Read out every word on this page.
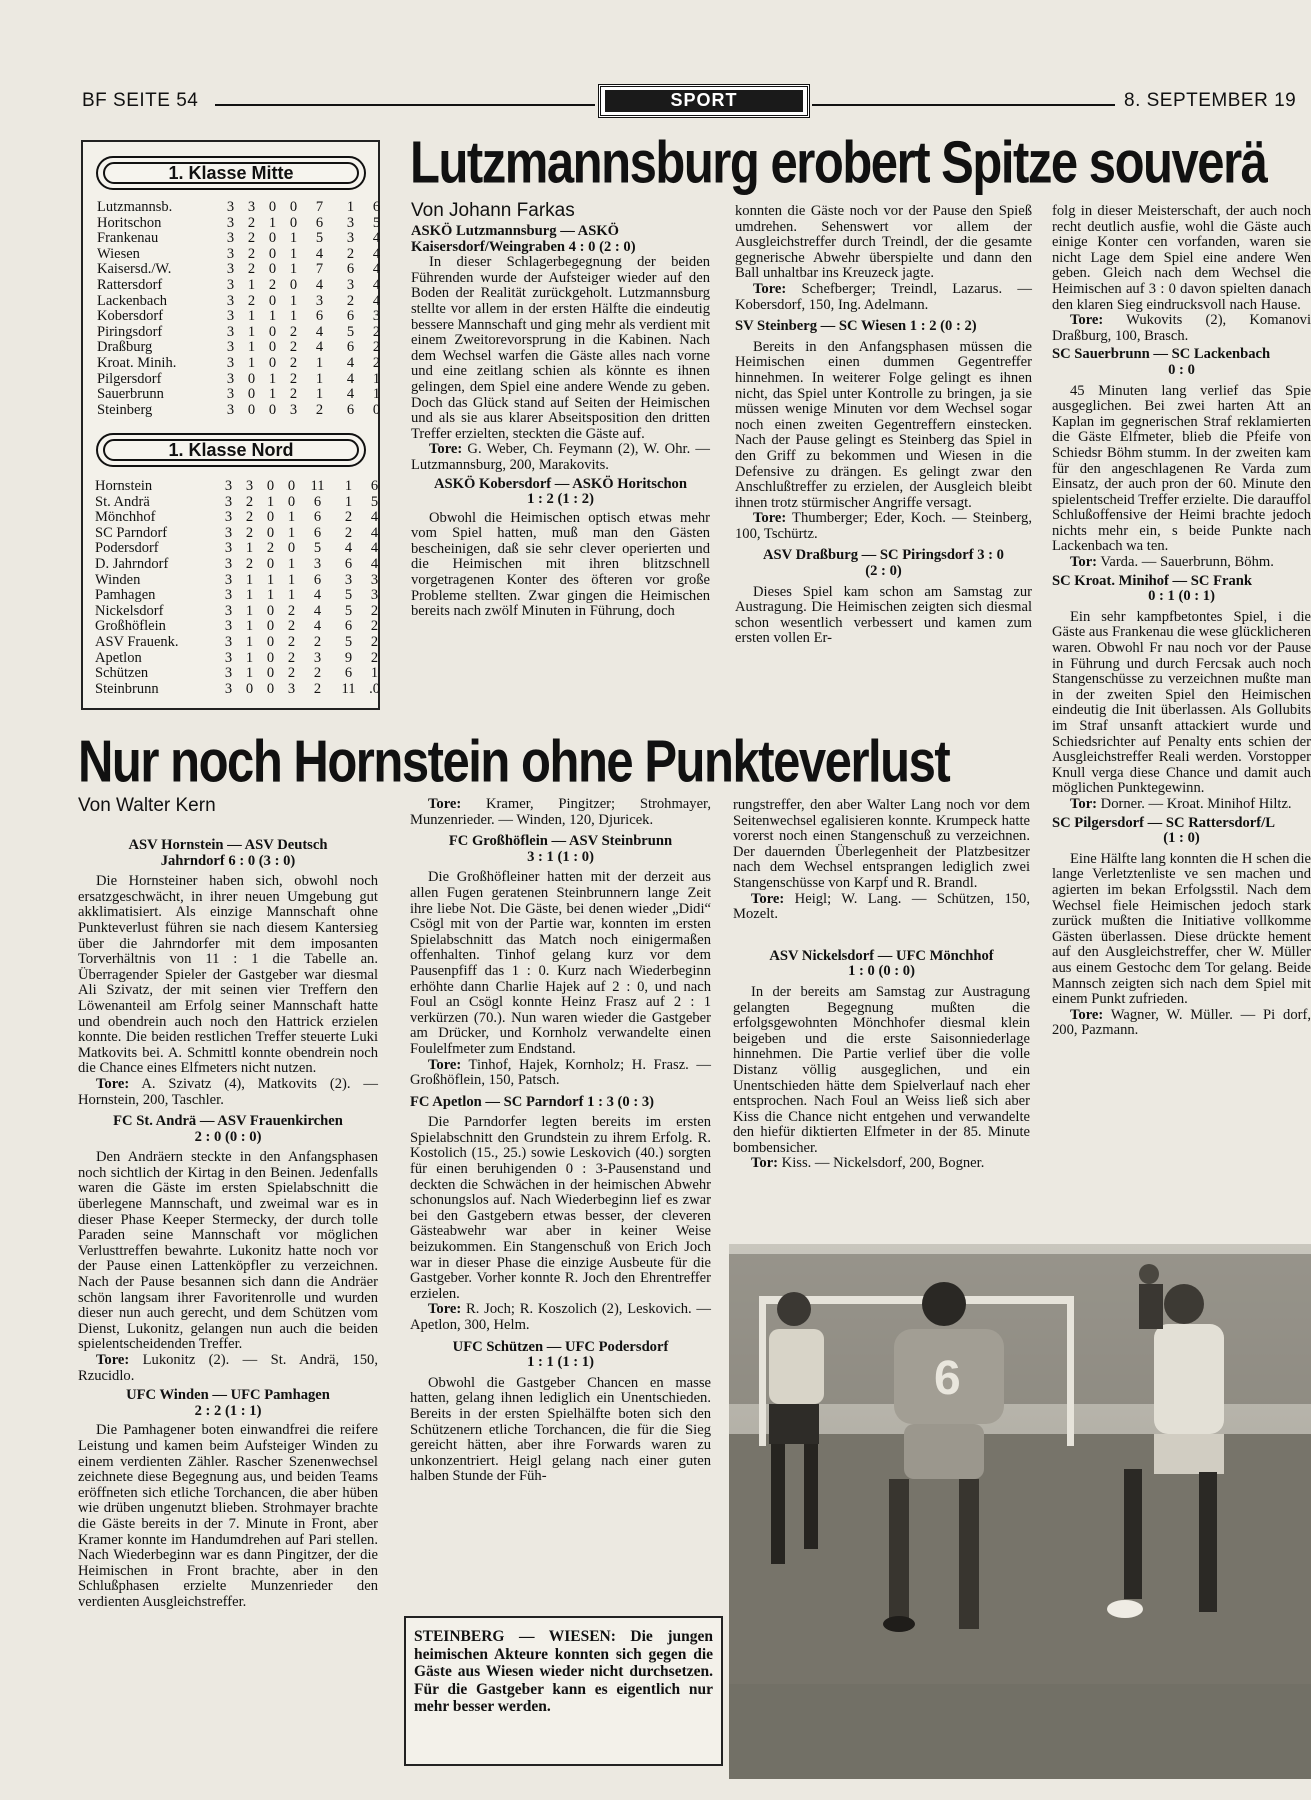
BF SEITE 54	SPORT	8. SEPTEMBER 19
1. Klasse Mitte
Lutzmannsb.	3 3 0 0	7	1	6
Horitschon	3 2 1 0	6	3	5
Frankenau	3 2 0 1	5	3	4
Wiesen	3 2 0 1	4	2	4
Kaisersd./W.	3 2 0 1	7	6	4
Rattersdorf	3 1 2 0	4	3	4
Lackenbach	3 2 0 1	3	2	4
Kobersdorf	3 1 1 1	6	6	3
Piringsdorf	3 1 0 2	4	5	2
Draßburg	3 1 0 2	4	6	2
Kroat. Minih.	3 1 0 2	1	4	2
Pilgersdorf	3 0 1 2	1	4	1
Sauerbrunn	3 0 1 2	1	4	1
Steinberg	3 0 0 3	2	6	0
1. Klasse Nord
Hornstein	3 3 0 0	11	1	6
St. Andrä	3 2 1 0	6	1	5
Mönchhof	3 2 0 1	6	2	4
SC Parndorf	3 2 0 1	6	2	4
Podersdorf	3 1 2 0	5	4	4
D. Jahrndorf	3 2 0 1	3	6	4
Winden	3 1 1 1	6	3	3
Pamhagen	3 1 1 1	4	5	3
Nickelsdorf	3 1 0 2	4	5	2
Großhöflein	3 1 0 2	4	6	2
ASV Frauenk.	3 1 0 2	2	5	2
Apetlon	3 1 0 2	3	9	2
Schützen	3 1 0 2	2	6	1
Steinbrunn	3 0 0 3	2	11 .0
Lutzmannsburg erobert Spitze souverä
Von Johann Farkas

ASKÖ Lutzmannsburg — ASKÖ Kaisersdorf/Weingraben 4 : 0 (2 : 0)

In dieser Schlagerbegegnung der beiden Führenden wurde der Aufsteiger wieder auf den Boden der Realität zurückgeholt. Lutzmannsburg stellte vor allem in der ersten Hälfte die eindeutig bessere Mannschaft und ging mehr als verdient mit einem Zweitorevorsprung in die Kabinen. Nach dem Wechsel warfen die Gäste alles nach vorne und eine zeitlang schien als könnte es ihnen gelingen, dem Spiel eine andere Wende zu geben. Doch das Glück stand auf Seiten der Heimischen und als sie aus klarer Abseitsposition den dritten Treffer erzielten, steckten die Gäste auf.

Tore: G. Weber, Ch. Feymann (2), W. Ohr. — Lutzmannsburg, 200, Marakovits.

ASKÖ Kobersdorf — ASKÖ Horitschon

1 : 2 (1 : 2)

Obwohl die Heimischen optisch etwas mehr vom Spiel hatten, muß man den Gästen bescheinigen, daß sie sehr clever operierten und die Heimischen mit ihren blitzschnell vorgetragenen Konter des öfteren vor große Probleme stellten. Zwar gingen die Heimischen bereits nach zwölf Minuten in Führung, doch

konnten die Gäste noch vor der Pause den Spieß umdrehen. Sehenswert vor allem der Ausgleichstreffer durch Treindl, der die gesamte gegnerische Abwehr überspielte und dann den Ball unhaltbar ins Kreuzeck jagte.

Tore: Schefberger; Treindl, Lazarus. — Kobersdorf, 150, Ing. Adelmann.

SV Steinberg — SC Wiesen 1 : 2 (0 : 2)

Bereits in den Anfangsphasen müssen die Heimischen einen dummen Gegentreffer hinnehmen. In weiterer Folge gelingt es ihnen nicht, das Spiel unter Kontrolle zu bringen, ja sie müssen wenige Minuten vor dem Wechsel sogar noch einen zweiten Gegentreffern einstecken. Nach der Pause gelingt es Steinberg das Spiel in den Griff zu bekommen und Wiesen in die Defensive zu drängen. Es gelingt zwar den Anschlußtreffer zu erzielen, der Ausgleich bleibt ihnen trotz stürmischer Angriffe versagt.

Tore: Thumberger; Eder, Koch. — Steinberg, 100, Tschürtz.

ASV Draßburg — SC Piringsdorf 3 : 0

(2 : 0)

Dieses Spiel kam schon am Samstag zur Austragung. Die Heimischen zeigten sich diesmal schon wesentlich verbessert und kamen zum ersten vollen Er-

folg in dieser Meisterschaft, der auch noch recht deutlich ausfie, wohl die Gäste auch einige Konter cen vorfanden, waren sie nicht Lage dem Spiel eine andere Wen geben. Gleich nach dem Wechsel die Heimischen auf 3 : 0 davon spielten danach den klaren Sieg eindrucksvoll nach Hause.

Tore: Wukovits (2), Komanovi Draßburg, 100, Brasch.

SC Sauerbrunn — SC Lackenbach

0 : 0

45 Minuten lang verlief das Spie ausgeglichen. Bei zwei harten Att an Kaplan im gegnerischen Straf reklamierten die Gäste Elfmeter, blieb die Pfeife von Schiedsr Böhm stumm. In der zweiten kam für den angeschlagenen Re Varda zum Einsatz, der auch pron der 60. Minute den spielentscheid Treffer erzielte. Die darauffol Schlußoffensive der Heimi brachte jedoch nichts mehr ein, s beide Punkte nach Lackenbach wa ten.

Tor: Varda. — Sauerbrunn, Böhm.

SC Kroat. Minihof — SC Frank

0 : 1 (0 : 1)

Ein sehr kampfbetontes Spiel, i die Gäste aus Frankenau die wese glücklicheren waren. Obwohl Fr nau noch vor der Pause in Führung und durch Fercsak auch noch Stangenschüsse zu verzeichnen mußte man in der zweiten Spiel den Heimischen eindeutig die Init überlassen. Als Gollubits im Straf unsanft attackiert wurde und Schiedsrichter auf Penalty ents schien der Ausgleichstreffer Reali werden. Vorstopper Knull verga diese Chance und damit auch möglichen Punktegewinn.

Tor: Dorner. — Kroat. Minihof Hiltz.

SC Pilgersdorf — SC Rattersdorf/L

(1 : 0)

Eine Hälfte lang konnten die H schen die lange Verletztenliste ve sen machen und agierten im bekan Erfolgsstil. Nach dem Wechsel fiele Heimischen jedoch stark zurück mußten die Initiative vollkomme Gästen überlassen. Diese drückte hement auf den Ausgleichstreffer, cher W. Müller aus einem Gestochc dem Tor gelang. Beide Mannsch zeigten sich nach dem Spiel mit einem Punkt zufrieden.

Tore: Wagner, W. Müller. — Pi dorf, 200, Pazmann.

Nur noch Hornstein ohne Punkteverlust
Von Walter Kern

ASV Hornstein — ASV Deutsch

Jahrndorf 6 : 0 (3 : 0)

Die Hornsteiner haben sich, obwohl noch ersatzgeschwächt, in ihrer neuen Umgebung gut akklimatisiert. Als einzige Mannschaft ohne Punkteverlust führen sie nach diesem Kantersieg über die Jahrndorfer mit dem imposanten Torverhältnis von 11 : 1 die Tabelle an. Überragender Spieler der Gastgeber war diesmal Ali Szivatz, der mit seinen vier Treffern den Löwenanteil am Erfolg seiner Mannschaft hatte und obendrein auch noch den Hattrick erzielen konnte. Die beiden restlichen Treffer steuerte Luki Matkovits bei. A. Schmittl konnte obendrein noch die Chance eines Elfmeters nicht nutzen.

Tore: A. Szivatz (4), Matkovits (2). — Hornstein, 200, Taschler.

FC St. Andrä — ASV Frauenkirchen

2 : 0 (0 : 0)

Den Andräern steckte in den Anfangsphasen noch sichtlich der Kirtag in den Beinen. Jedenfalls waren die Gäste im ersten Spielabschnitt die überlegene Mannschaft, und zweimal war es in dieser Phase Keeper Stermecky, der durch tolle Paraden seine Mannschaft vor möglichen Verlusttreffen bewahrte. Lukonitz hatte noch vor der Pause einen Lattenköpfler zu verzeichnen. Nach der Pause besannen sich dann die Andräer schön langsam ihrer Favoritenrolle und wurden dieser nun auch gerecht, und dem Schützen vom Dienst, Lukonitz, gelangen nun auch die beiden spielentscheidenden Treffer.

Tore: Lukonitz (2). — St. Andrä, 150, Rzucidlo.

UFC Winden — UFC Pamhagen

2 : 2 (1 : 1)

Die Pamhagener boten einwandfrei die reifere Leistung und kamen beim Aufsteiger Winden zu einem verdienten Zähler. Rascher Szenenwechsel zeichnete diese Begegnung aus, und beiden Teams eröffneten sich etliche Torchancen, die aber hüben wie drüben ungenutzt blieben. Strohmayer brachte die Gäste bereits in der 7. Minute in Front, aber Kramer konnte im Handumdrehen auf Pari stellen. Nach Wiederbeginn war es dann Pingitzer, der die Heimischen in Front brachte, aber in den Schlußphasen erzielte Munzenrieder den verdienten Ausgleichstreffer.

Tore: Kramer, Pingitzer; Strohmayer, Munzenrieder. — Winden, 120, Djuricek.

FC Großhöflein — ASV Steinbrunn

3 : 1 (1 : 0)

Die Großhöfleiner hatten mit der derzeit aus allen Fugen geratenen Steinbrunnern lange Zeit ihre liebe Not. Die Gäste, bei denen wieder „Didi“ Csögl mit von der Partie war, konnten im ersten Spielabschnitt das Match noch einigermaßen offenhalten. Tinhof gelang kurz vor dem Pausenpfiff das 1 : 0. Kurz nach Wiederbeginn erhöhte dann Charlie Hajek auf 2 : 0, und nach Foul an Csögl konnte Heinz Frasz auf 2 : 1 verkürzen (70.). Nun waren wieder die Gastgeber am Drücker, und Kornholz verwandelte einen Foulelfmeter zum Endstand.

Tore: Tinhof, Hajek, Kornholz; H. Frasz. — Großhöflein, 150, Patsch.

FC Apetlon — SC Parndorf 1 : 3 (0 : 3)

Die Parndorfer legten bereits im ersten Spielabschnitt den Grundstein zu ihrem Erfolg. R. Kostolich (15., 25.) sowie Leskovich (40.) sorgten für einen beruhigenden 0 : 3-Pausenstand und deckten die Schwächen in der heimischen Abwehr schonungslos auf. Nach Wiederbeginn lief es zwar bei den Gastgebern etwas besser, der cleveren Gästeabwehr war aber in keiner Weise beizukommen. Ein Stangenschuß von Erich Joch war in dieser Phase die einzige Ausbeute für die Gastgeber. Vorher konnte R. Joch den Ehrentreffer erzielen.

Tore: R. Joch; R. Koszolich (2), Leskovich. — Apetlon, 300, Helm.

UFC Schützen — UFC Podersdorf

1 : 1 (1 : 1)

Obwohl die Gastgeber Chancen en masse hatten, gelang ihnen lediglich ein Unentschieden. Bereits in der ersten Spielhälfte boten sich den Schützenern etliche Torchancen, die für die Sieg gereicht hätten, aber ihre Forwards waren zu unkonzentriert. Heigl gelang nach einer guten halben Stunde der Füh-

rungstreffer, den aber Walter Lang noch vor dem Seitenwechsel egalisieren konnte. Krumpeck hatte vorerst noch einen Stangenschuß zu verzeichnen. Der dauernden Überlegenheit der Platzbesitzer nach dem Wechsel entsprangen lediglich zwei Stangenschüsse von Karpf und R. Brandl.

Tore: Heigl; W. Lang. — Schützen, 150, Mozelt.

ASV Nickelsdorf — UFC Mönchhof

1 : 0 (0 : 0)

In der bereits am Samstag zur Austragung gelangten Begegnung mußten die erfolgsgewohnten Mönchhofer diesmal klein beigeben und die erste Saisonniederlage hinnehmen. Die Partie verlief über die volle Distanz völlig ausgeglichen, und ein Unentschieden hätte dem Spielverlauf nach eher entsprochen. Nach Foul an Weiss ließ sich aber Kiss die Chance nicht entgehen und verwandelte den hiefür diktierten Elfmeter in der 85. Minute bombensicher.

Tor: Kiss. — Nickelsdorf, 200, Bogner.

6
STEINBERG — WIESEN: Die jungen heimischen Akteure konnten sich gegen die Gäste aus Wiesen wieder nicht durchsetzen. Für die Gastgeber kann es eigentlich nur mehr besser werden.
